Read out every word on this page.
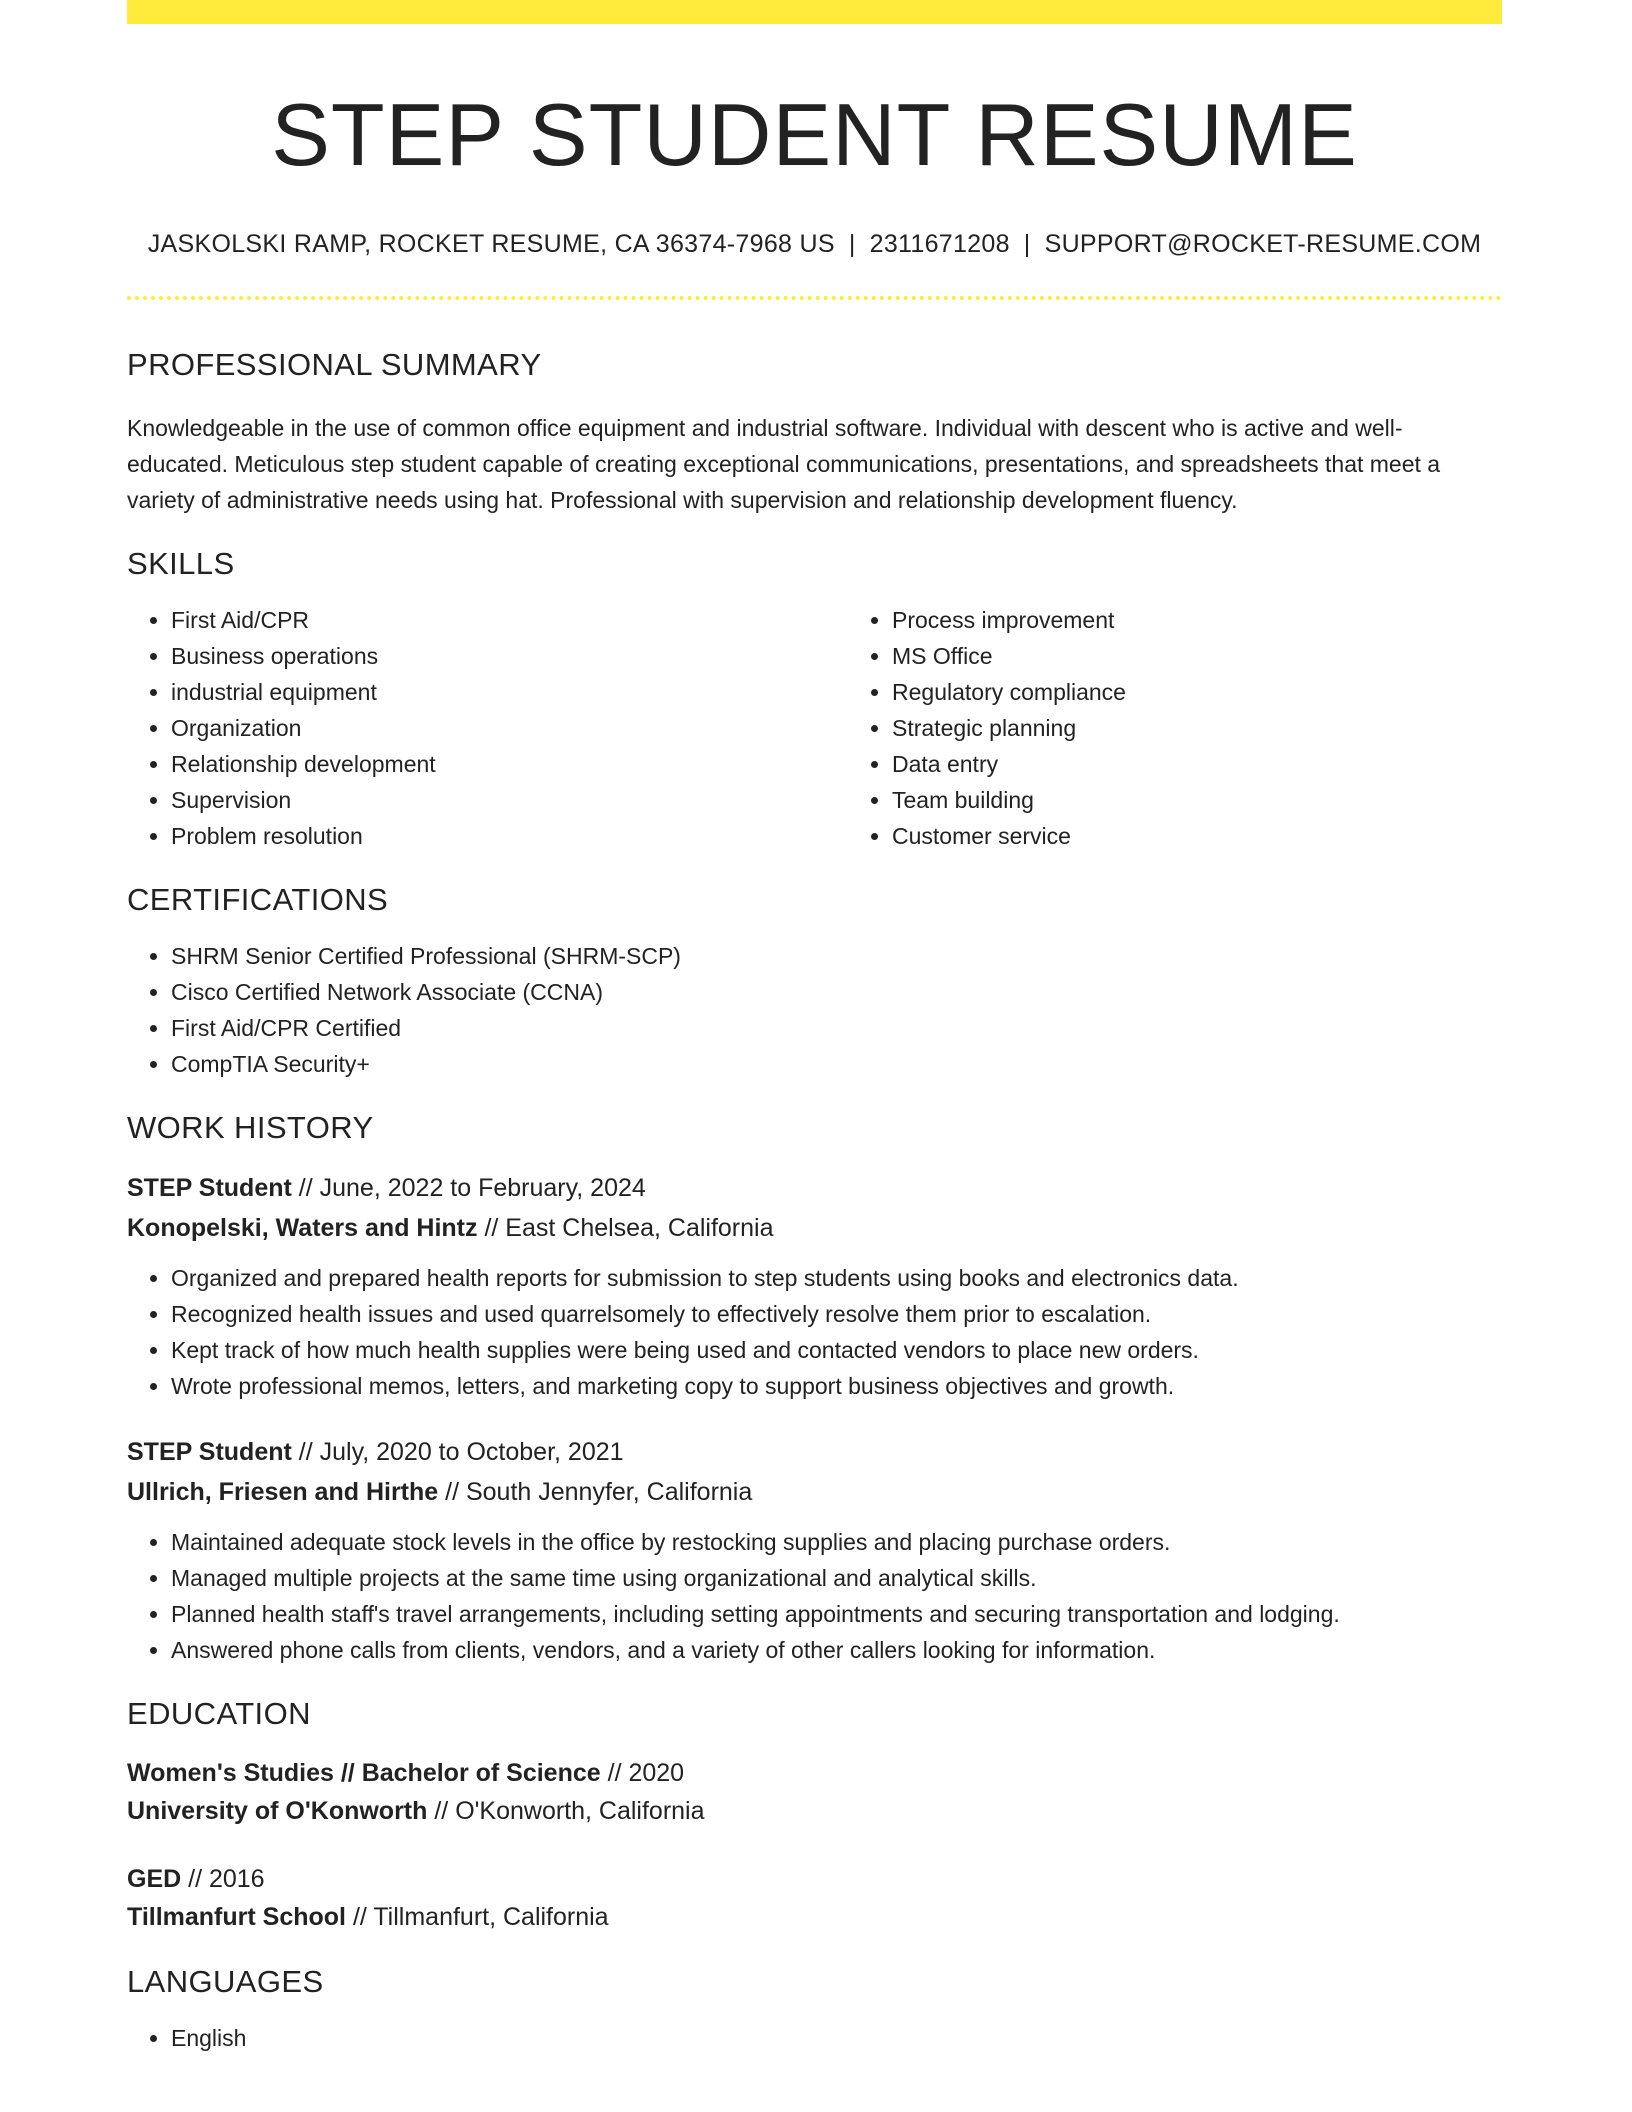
STEP STUDENT RESUME
JASKOLSKI RAMP, ROCKET RESUME, CA 36374-7968 US | 2311671208 | SUPPORT@ROCKET-RESUME.COM
PROFESSIONAL SUMMARY

Knowledgeable in the use of common office equipment and industrial software. Individual with descent who is active and well-educated. Meticulous step student capable of creating exceptional communications, presentations, and spreadsheets that meet a variety of administrative needs using hat. Professional with supervision and relationship development fluency.

SKILLS
• First Aid/CPR
• Business operations
• industrial equipment
• Organization
• Relationship development
• Supervision
• Problem resolution
• Process improvement
• MS Office
• Regulatory compliance
• Strategic planning
• Data entry
• Team building
• Customer service
CERTIFICATIONS
• SHRM Senior Certified Professional (SHRM-SCP)
• Cisco Certified Network Associate (CCNA)
• First Aid/CPR Certified
• CompTIA Security+
WORK HISTORY
STEP Student // June, 2022 to February, 2024
Konopelski, Waters and Hintz // East Chelsea, California
• Organized and prepared health reports for submission to step students using books and electronics data.
• Recognized health issues and used quarrelsomely to effectively resolve them prior to escalation.
• Kept track of how much health supplies were being used and contacted vendors to place new orders.
• Wrote professional memos, letters, and marketing copy to support business objectives and growth.
STEP Student // July, 2020 to October, 2021
Ullrich, Friesen and Hirthe // South Jennyfer, California
• Maintained adequate stock levels in the office by restocking supplies and placing purchase orders.
• Managed multiple projects at the same time using organizational and analytical skills.
• Planned health staff's travel arrangements, including setting appointments and securing transportation and lodging.
• Answered phone calls from clients, vendors, and a variety of other callers looking for information.
EDUCATION
Women's Studies // Bachelor of Science // 2020
University of O'Konworth // O'Konworth, California
GED // 2016
Tillmanfurt School // Tillmanfurt, California
LANGUAGES
• English
